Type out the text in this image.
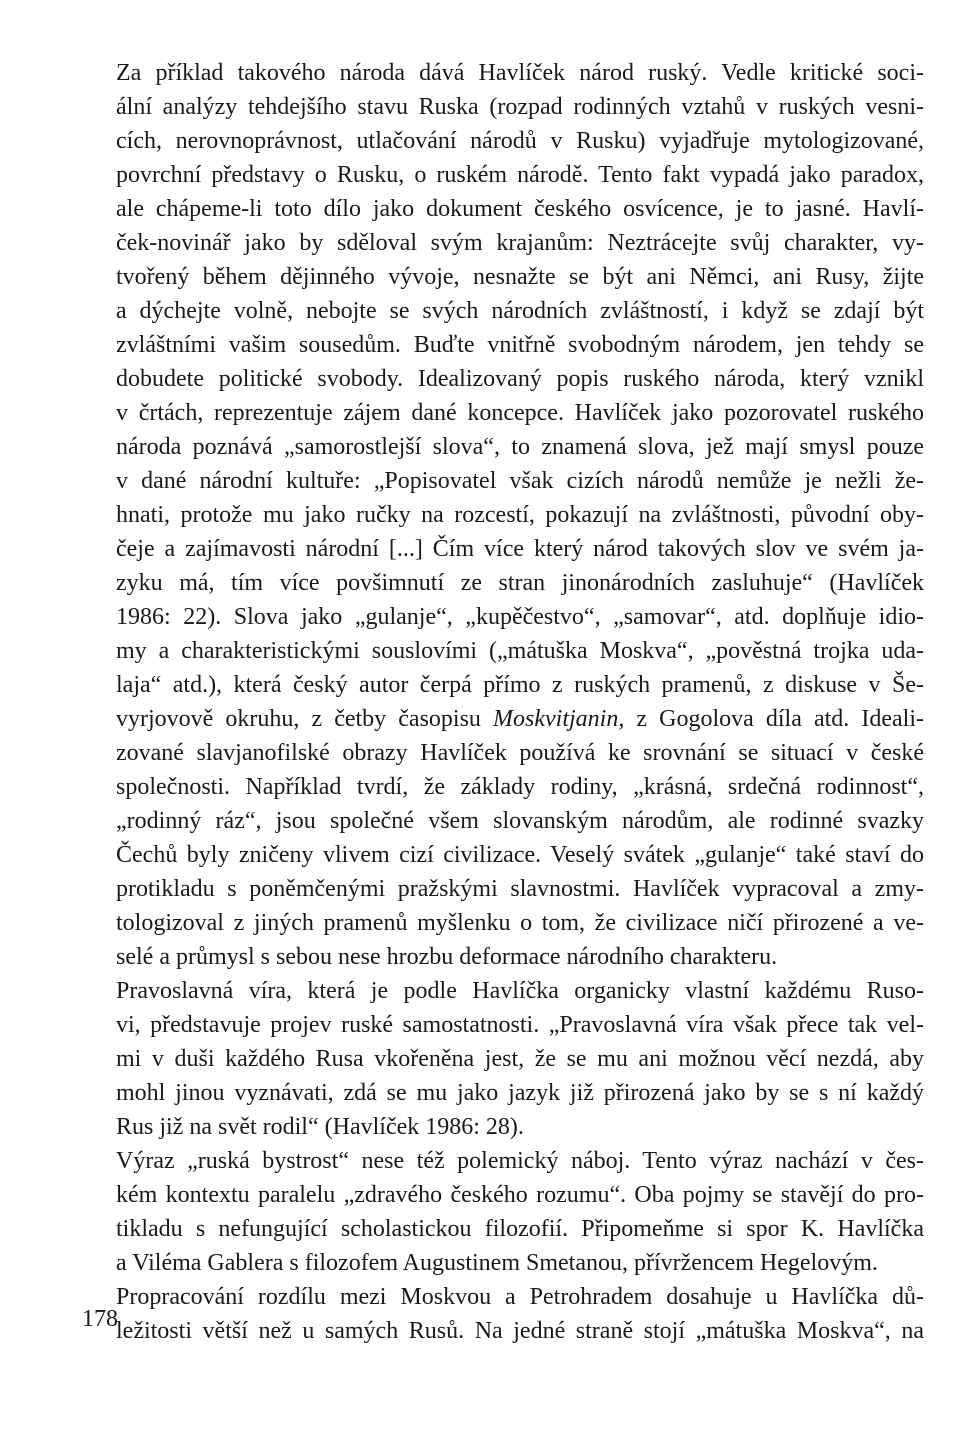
Za příklad takového národa dává Havlíček národ ruský. Vedle kritické soci-
ální analýzy tehdejšího stavu Ruska (rozpad rodinných vztahů v ruských vesni-
cích, nerovnoprávnost, utlačování národů v Rusku) vyjadřuje mytologizované,
povrchní představy o Rusku, o ruském národě. Tento fakt vypadá jako paradox,
ale chápeme-li toto dílo jako dokument českého osvícence, je to jasné. Havlí-
ček-novinář jako by sděloval svým krajanům: Neztrácejte svůj charakter, vy-
tvořený během dějinného vývoje, nesnažte se být ani Němci, ani Rusy, žijte
a dýchejte volně, nebojte se svých národních zvláštností, i když se zdají být
zvláštními vašim sousedům. Buďte vnitřně svobodným národem, jen tehdy se
dobudete politické svobody. Idealizovaný popis ruského národa, který vznikl
v črtách, reprezentuje zájem dané koncepce. Havlíček jako pozorovatel ruského
národa poznává „samorostlejší slova“, to znamená slova, jež mají smysl pouze
v dané národní kultuře: „Popisovatel však cizích národů nemůže je nežli že-
hnati, protože mu jako ručky na rozcestí, pokazují na zvláštnosti, původní oby-
čeje a zajímavosti národní [...] Čím více který národ takových slov ve svém ja-
zyku má, tím více povšimnutí ze stran jinonárodních zasluhuje“ (Havlíček
1986: 22). Slova jako „gulanje“, „kupěčestvo“, „samovar“, atd. doplňuje idio-
my a charakteristickými souslovími („mátuška Moskva“, „pověstná trojka uda-
laja“ atd.), která český autor čerpá přímo z ruských pramenů, z diskuse v Še-
vyrjovově okruhu, z četby časopisu Moskvitjanin, z Gogolova díla atd. Ideali-
zované slavjanofilské obrazy Havlíček používá ke srovnání se situací v české
společnosti. Například tvrdí, že základy rodiny, „krásná, srdečná rodinnost“,
„rodinný ráz“, jsou společné všem slovanským národům, ale rodinné svazky
Čechů byly zničeny vlivem cizí civilizace. Veselý svátek „gulanje“ také staví do
protikladu s poněmčenými pražskými slavnostmi. Havlíček vypracoval a zmy-
tologizoval z jiných pramenů myšlenku o tom, že civilizace ničí přirozené a ve-
selé a průmysl s sebou nese hrozbu deformace národního charakteru.
Pravoslavná víra, která je podle Havlíčka organicky vlastní každému Ruso-
vi, představuje projev ruské samostatnosti. „Pravoslavná víra však přece tak vel-
mi v duši každého Rusa vkořeněna jest, že se mu ani možnou věcí nezdá, aby
mohl jinou vyznávati, zdá se mu jako jazyk již přirozená jako by se s ní každý
Rus již na svět rodil“ (Havlíček 1986: 28).
Výraz „ruská bystrost“ nese též polemický náboj. Tento výraz nachází v čes-
kém kontextu paralelu „zdravého českého rozumu“. Oba pojmy se stavějí do pro-
tikladu s nefungující scholastickou filozofií. Připomeňme si spor K. Havlíčka
a Viléma Gablera s filozofem Augustinem Smetanou, přívržencem Hegelovým.
Propracování rozdílu mezi Moskvou a Petrohradem dosahuje u Havlíčka dů-
ležitosti větší než u samých Rusů. Na jedné straně stojí „mátuška Moskva“, na
178
